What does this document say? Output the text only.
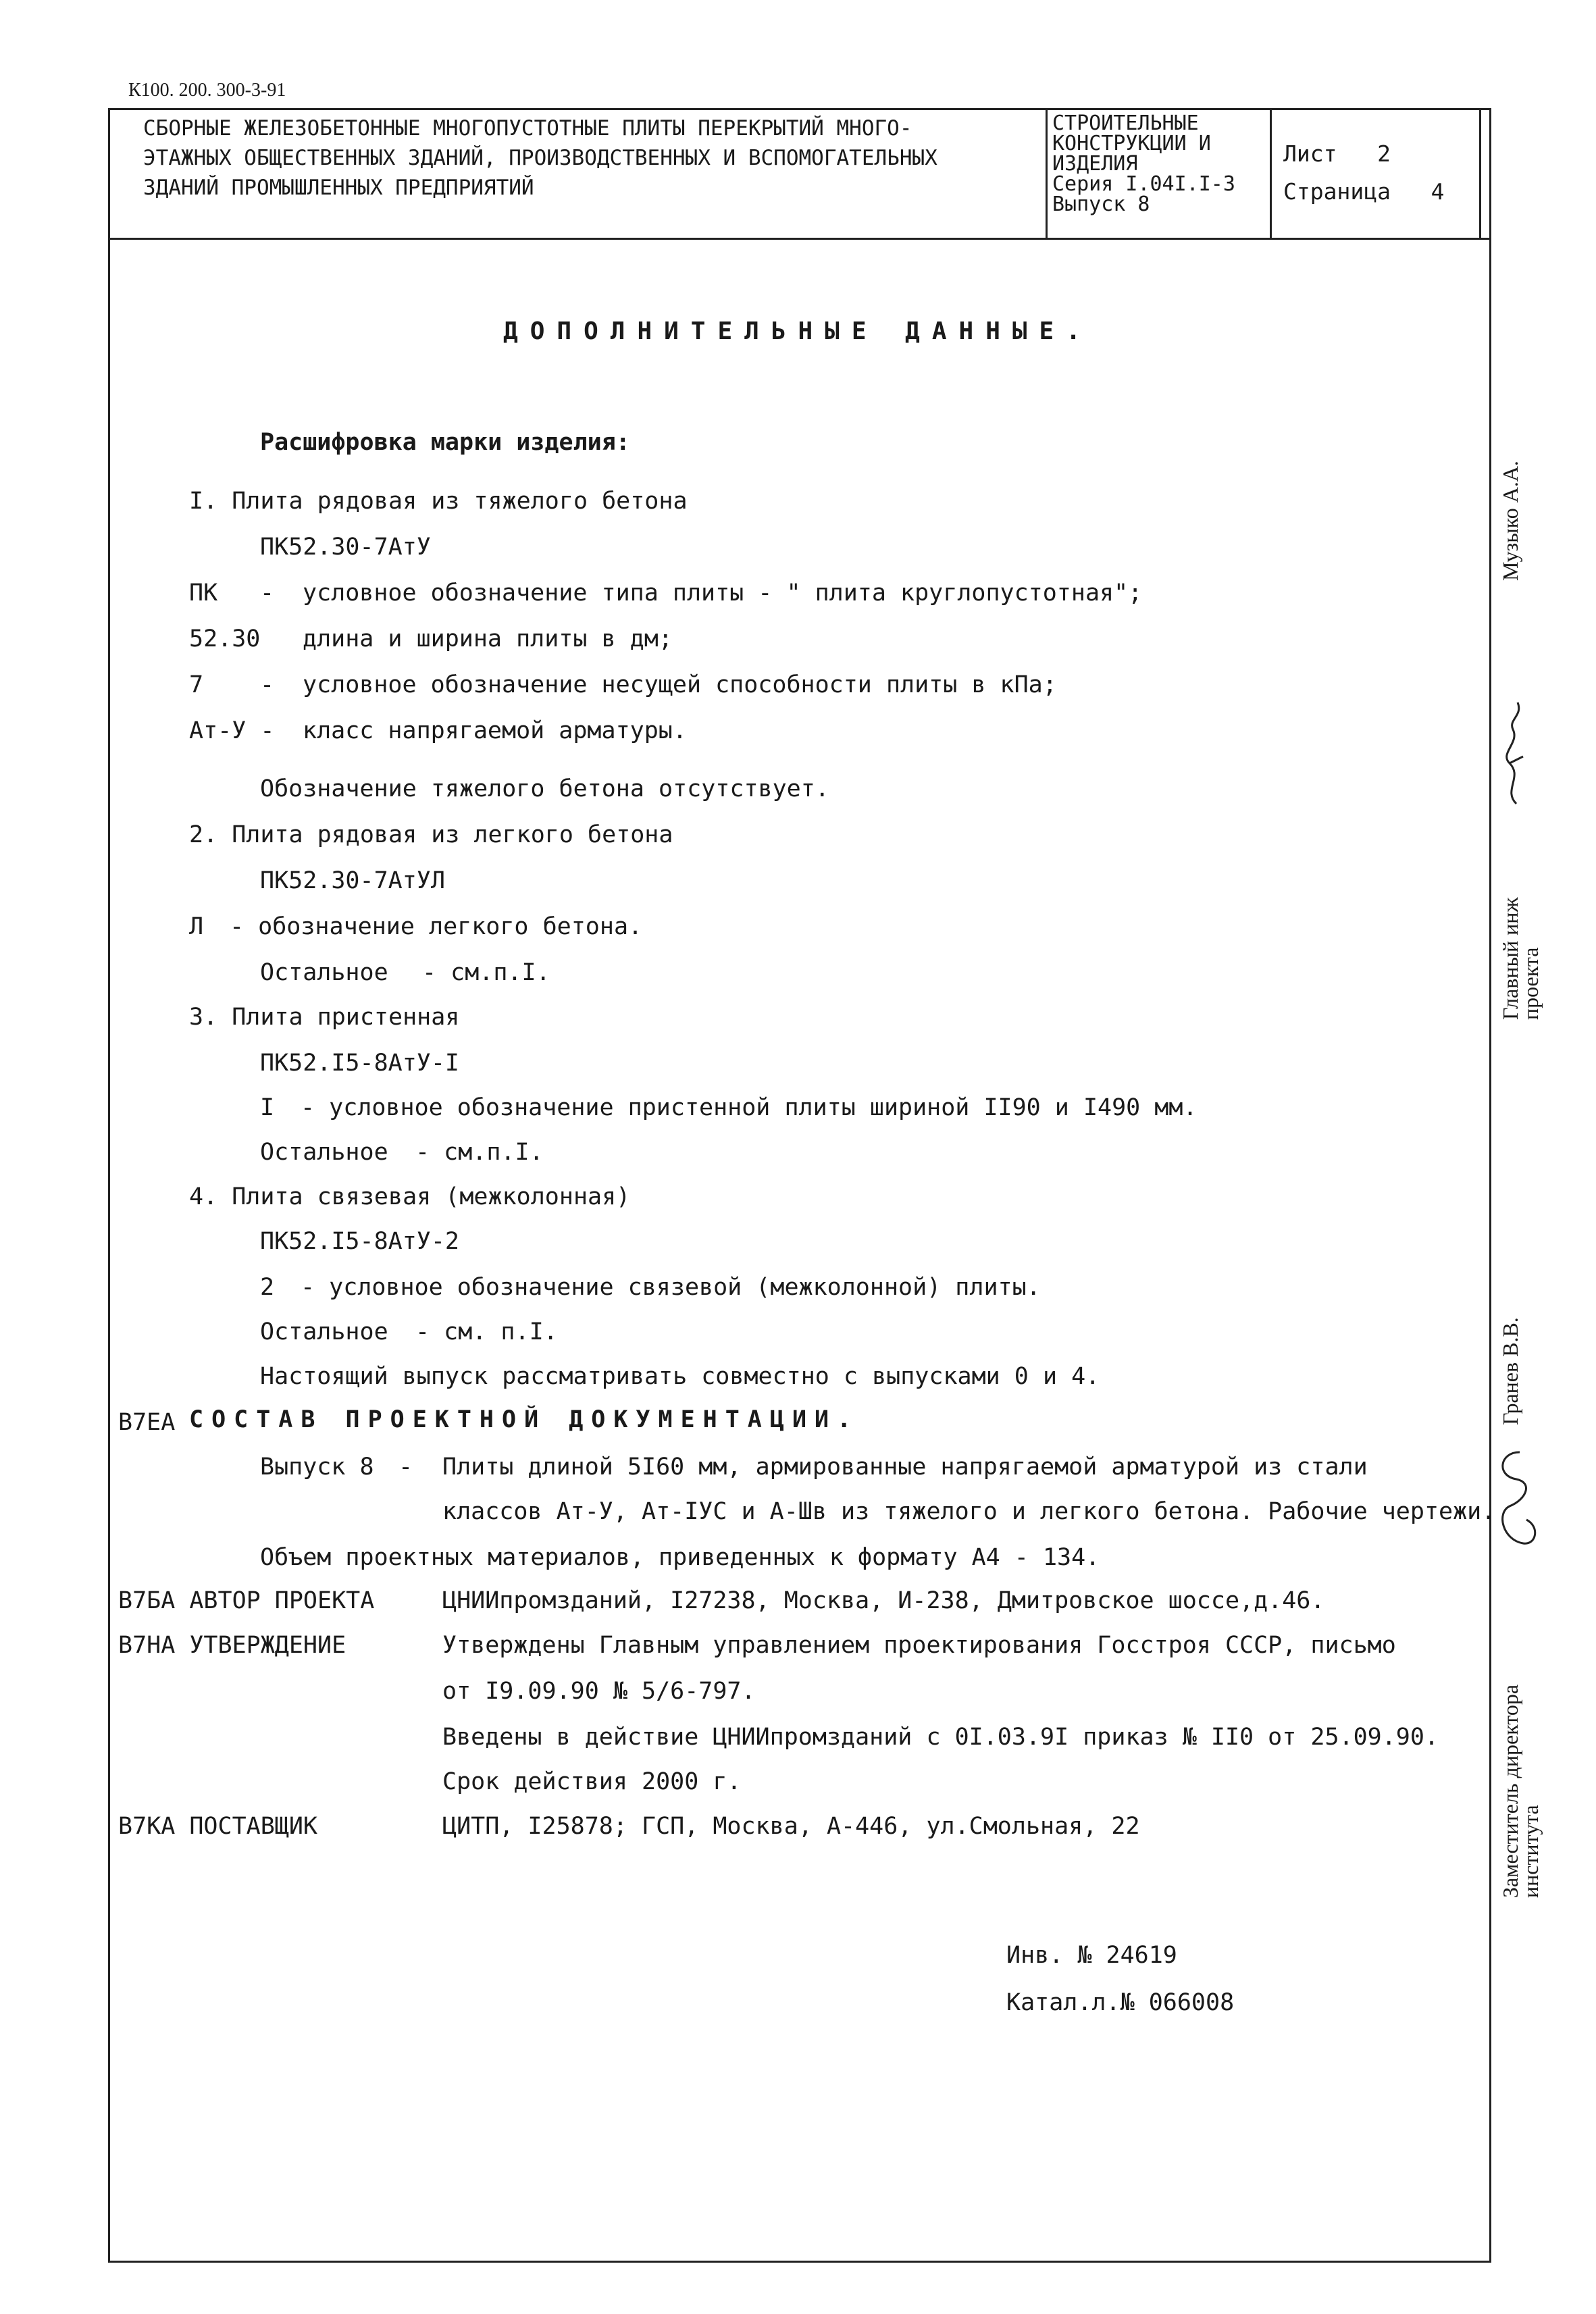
К100. 200. 300-3-91
СБОРНЫЕ ЖЕЛЕЗОБЕТОННЫЕ МНОГОПУСТОТНЫЕ ПЛИТЫ ПЕРЕКРЫТИЙ МНОГО-
ЭТАЖНЫХ ОБЩЕСТВЕННЫХ ЗДАНИЙ, ПРОИЗВОДСТВЕННЫХ И ВСПОМОГАТЕЛЬНЫХ
ЗДАНИЙ ПРОМЫШЛЕННЫХ ПРЕДПРИЯТИЙ
СТРОИТЕЛЬНЫЕ
КОНСТРУКЦИИ И
ИЗДЕЛИЯ
Серия I.04I.I-3
Выпуск 8
Лист 2
Страница 4
ДОПОЛНИТЕЛЬНЫЕ ДАННЫЕ.
Расшифровка марки изделия:
I. Плита рядовая из тяжелого бетона
ПК52.30-7АтУ
ПК - условное обозначение типа плиты - " плита круглопустотная";
52.30 длина и ширина плиты в дм;
7 - условное обозначение несущей способности плиты в кПа;
Ат-У - класс напрягаемой арматуры.
Обозначение тяжелого бетона отсутствует.
2. Плита рядовая из легкого бетона
ПК52.30-7АтУЛ
Л - обозначение легкого бетона.
Остальное - см.п.I.
3. Плита пристенная
ПК52.I5-8АтУ-I
I - условное обозначение пристенной плиты шириной II90 и I490 мм.
Остальное - см.п.I.
4. Плита связевая (межколонная)
ПК52.I5-8АтУ-2
2 - условное обозначение связевой (межколонной) плиты.
Остальное - см. п.I.
Настоящий выпуск рассматривать совместно с выпусками 0 и 4.
В7ЕА СОСТАВ ПРОЕКТНОЙ ДОКУМЕНТАЦИИ.
Выпуск 8 - Плиты длиной 5I60 мм, армированные напрягаемой арматурой из стали
классов Ат-У, Ат-IУС и А-Шв из тяжелого и легкого бетона. Рабочие чертежи.
Объем проектных материалов, приведенных к формату А4 - 134.
В7БА АВТОР ПРОЕКТА	ЦНИИпромзданий, I27238, Москва, И-238, Дмитровское шоссе,д.46.
В7НА УТВЕРЖДЕНИЕ	Утверждены Главным управлением проектирования Госстроя СССР, письмо
от I9.09.90 № 5/6-797.
Введены в действие ЦНИИпромзданий с 0I.03.9I приказ № II0 от 25.09.90.
Срок действия 2000 г.
В7КА ПОСТАВЩИК	ЦИТП, I25878; ГСП, Москва, А-446, ул.Смольная, 22
Инв. № 24619
Катал.л.№ 066008
Музыко А.А.
Главный инж
проекта
Гранев В.В.
Заместитель директора
института
